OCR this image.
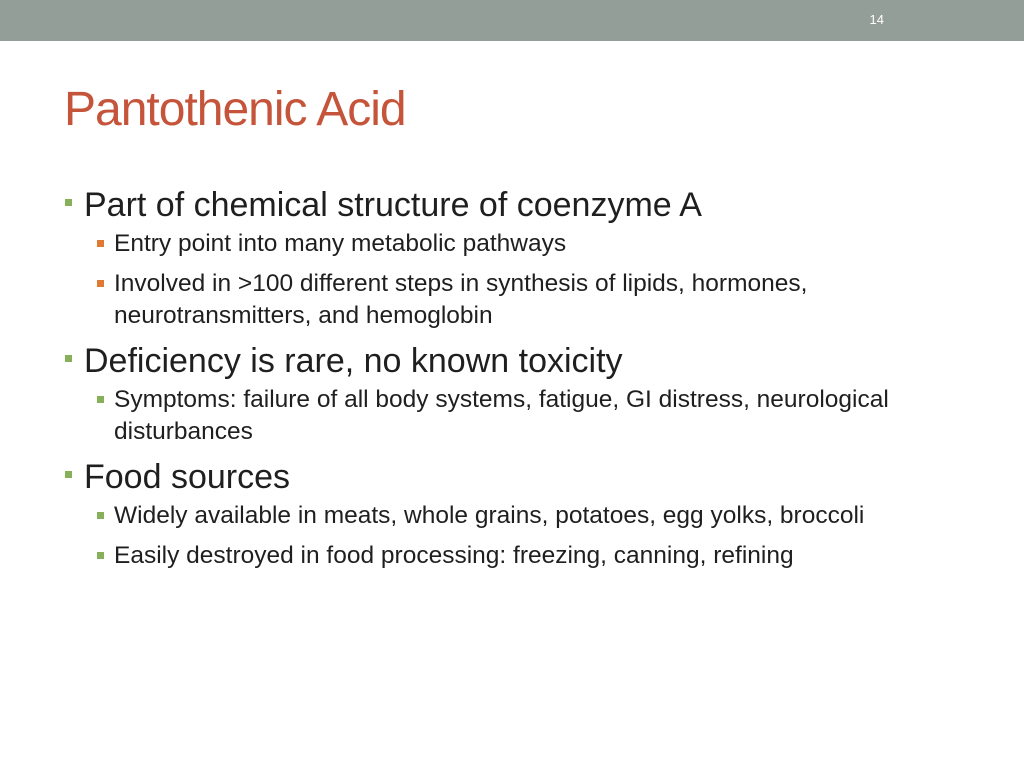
14
Pantothenic Acid

Part of chemical structure of coenzyme A

Entry point into many metabolic pathways

Involved in >100 different steps in synthesis of lipids, hormones, neurotransmitters, and hemoglobin

Deficiency is rare, no known toxicity

Symptoms: failure of all body systems, fatigue, GI distress, neurological disturbances

Food sources

Widely available in meats, whole grains, potatoes, egg yolks, broccoli

Easily destroyed in food processing: freezing, canning, refining
